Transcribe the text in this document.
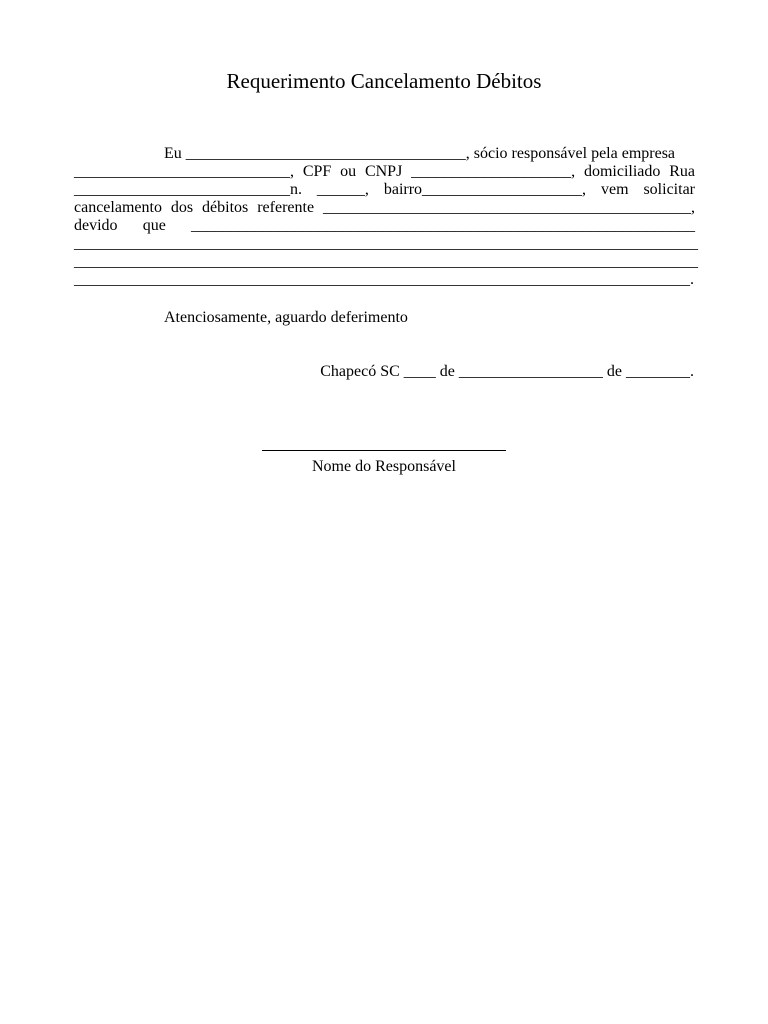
Requerimento Cancelamento Débitos
Eu ___________________________________, sócio responsável pela empresa
___________________________, CPF ou CNPJ ____________________, domiciliado Rua
___________________________n. ______, bairro____________________, vem solicitar
cancelamento dos débitos referente ______________________________________________,
devido que _______________________________________________________________
______________________________________________________________________________
______________________________________________________________________________
_____________________________________________________________________________.
Atenciosamente, aguardo deferimento
Chapecó SC ____ de __________________ de ________.

Nome do Responsável
